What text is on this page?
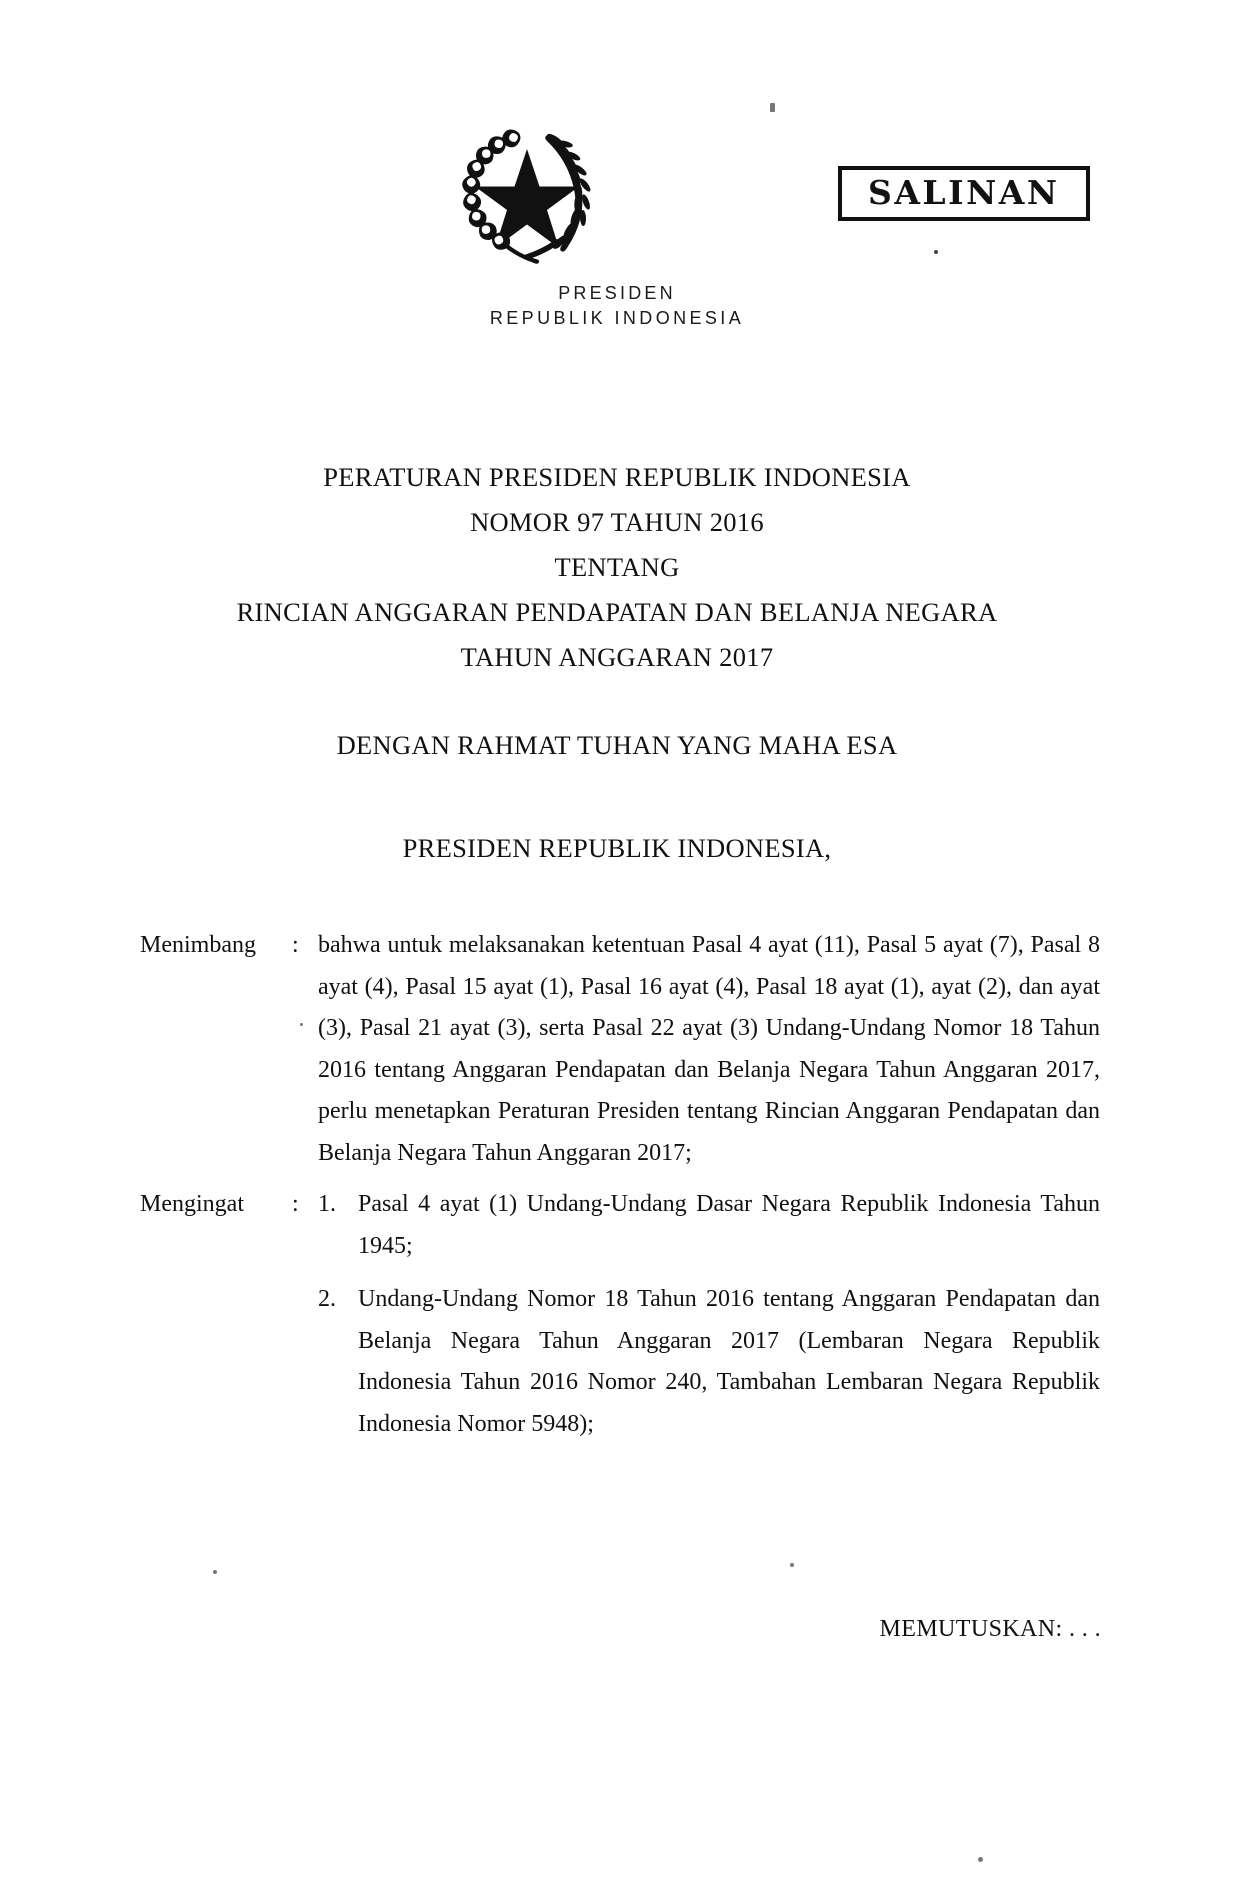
SALINAN
PRESIDEN
REPUBLIK INDONESIA
PERATURAN PRESIDEN REPUBLIK INDONESIA
NOMOR 97 TAHUN 2016
TENTANG
RINCIAN ANGGARAN PENDAPATAN DAN BELANJA NEGARA
TAHUN ANGGARAN 2017
DENGAN RAHMAT TUHAN YANG MAHA ESA
PRESIDEN REPUBLIK INDONESIA,
Menimbang	: bahwa untuk melaksanakan ketentuan Pasal 4 ayat (11), Pasal 5 ayat (7), Pasal 8 ayat (4), Pasal 15 ayat (1), Pasal 16 ayat (4), Pasal 18 ayat (1), ayat (2), dan ayat (3), Pasal 21 ayat (3), serta Pasal 22 ayat (3) Undang-Undang Nomor 18 Tahun 2016 tentang Anggaran Pendapatan dan Belanja Negara Tahun Anggaran 2017, perlu menetapkan Peraturan Presiden tentang Rincian Anggaran Pendapatan dan Belanja Negara Tahun Anggaran 2017;

Mengingat	: 1. Pasal 4 ayat (1) Undang-Undang Dasar Negara Republik Indonesia Tahun 1945;
2. Undang-Undang Nomor 18 Tahun 2016 tentang Anggaran Pendapatan dan Belanja Negara Tahun Anggaran 2017 (Lembaran Negara Republik Indonesia Tahun 2016 Nomor 240, Tambahan Lembaran Negara Republik Indonesia Nomor 5948);
MEMUTUSKAN: . . .
